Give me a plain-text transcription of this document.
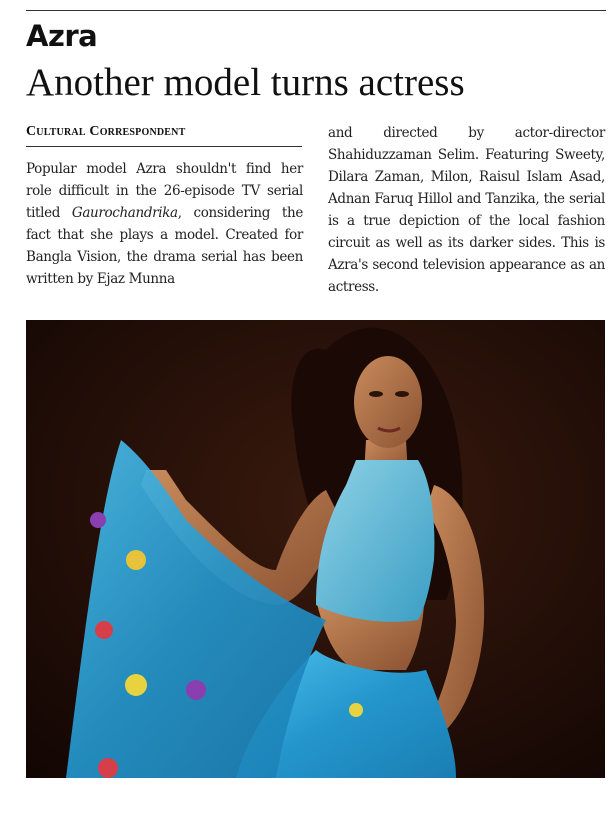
Azra
Another model turns actress
Cultural Correspondent

Popular model Azra shouldn't find her role difficult in the 26-episode TV serial titled Gaurochandrika, considering the fact that she plays a model. Created for Bangla Vision, the drama serial has been written by Ejaz Munna

and directed by actor-director Shahiduzzaman Selim. Featuring Sweety, Dilara Zaman, Milon, Raisul Islam Asad, Adnan Faruq Hillol and Tanzika, the serial is a true depiction of the local fashion circuit as well as its darker sides. This is Azra's second television appearance as an actress.
